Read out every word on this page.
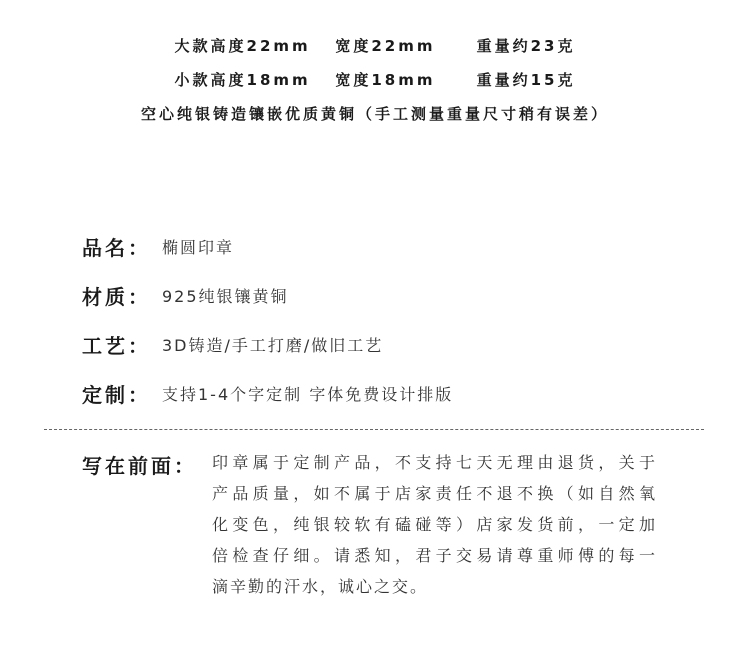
大款高度22mm   宽度22mm     重量约23克
小款高度18mm   宽度18mm     重量约15克
空心纯银铸造镶嵌优质黄铜（手工测量重量尺寸稍有误差）
品名： 椭圆印章
材质： 925纯银镶黄铜
工艺： 3D铸造/手工打磨/做旧工艺
定制： 支持1-4个字定制 字体免费设计排版
写在前面： 印章属于定制产品，不支持七天无理由退货，关于
产品质量，如不属于店家责任不退不换（如自然氧
化变色，纯银较软有磕碰等）店家发货前，一定加
倍检查仔细。请悉知，君子交易请尊重师傅的每一
滴辛勤的汗水，诚心之交。
